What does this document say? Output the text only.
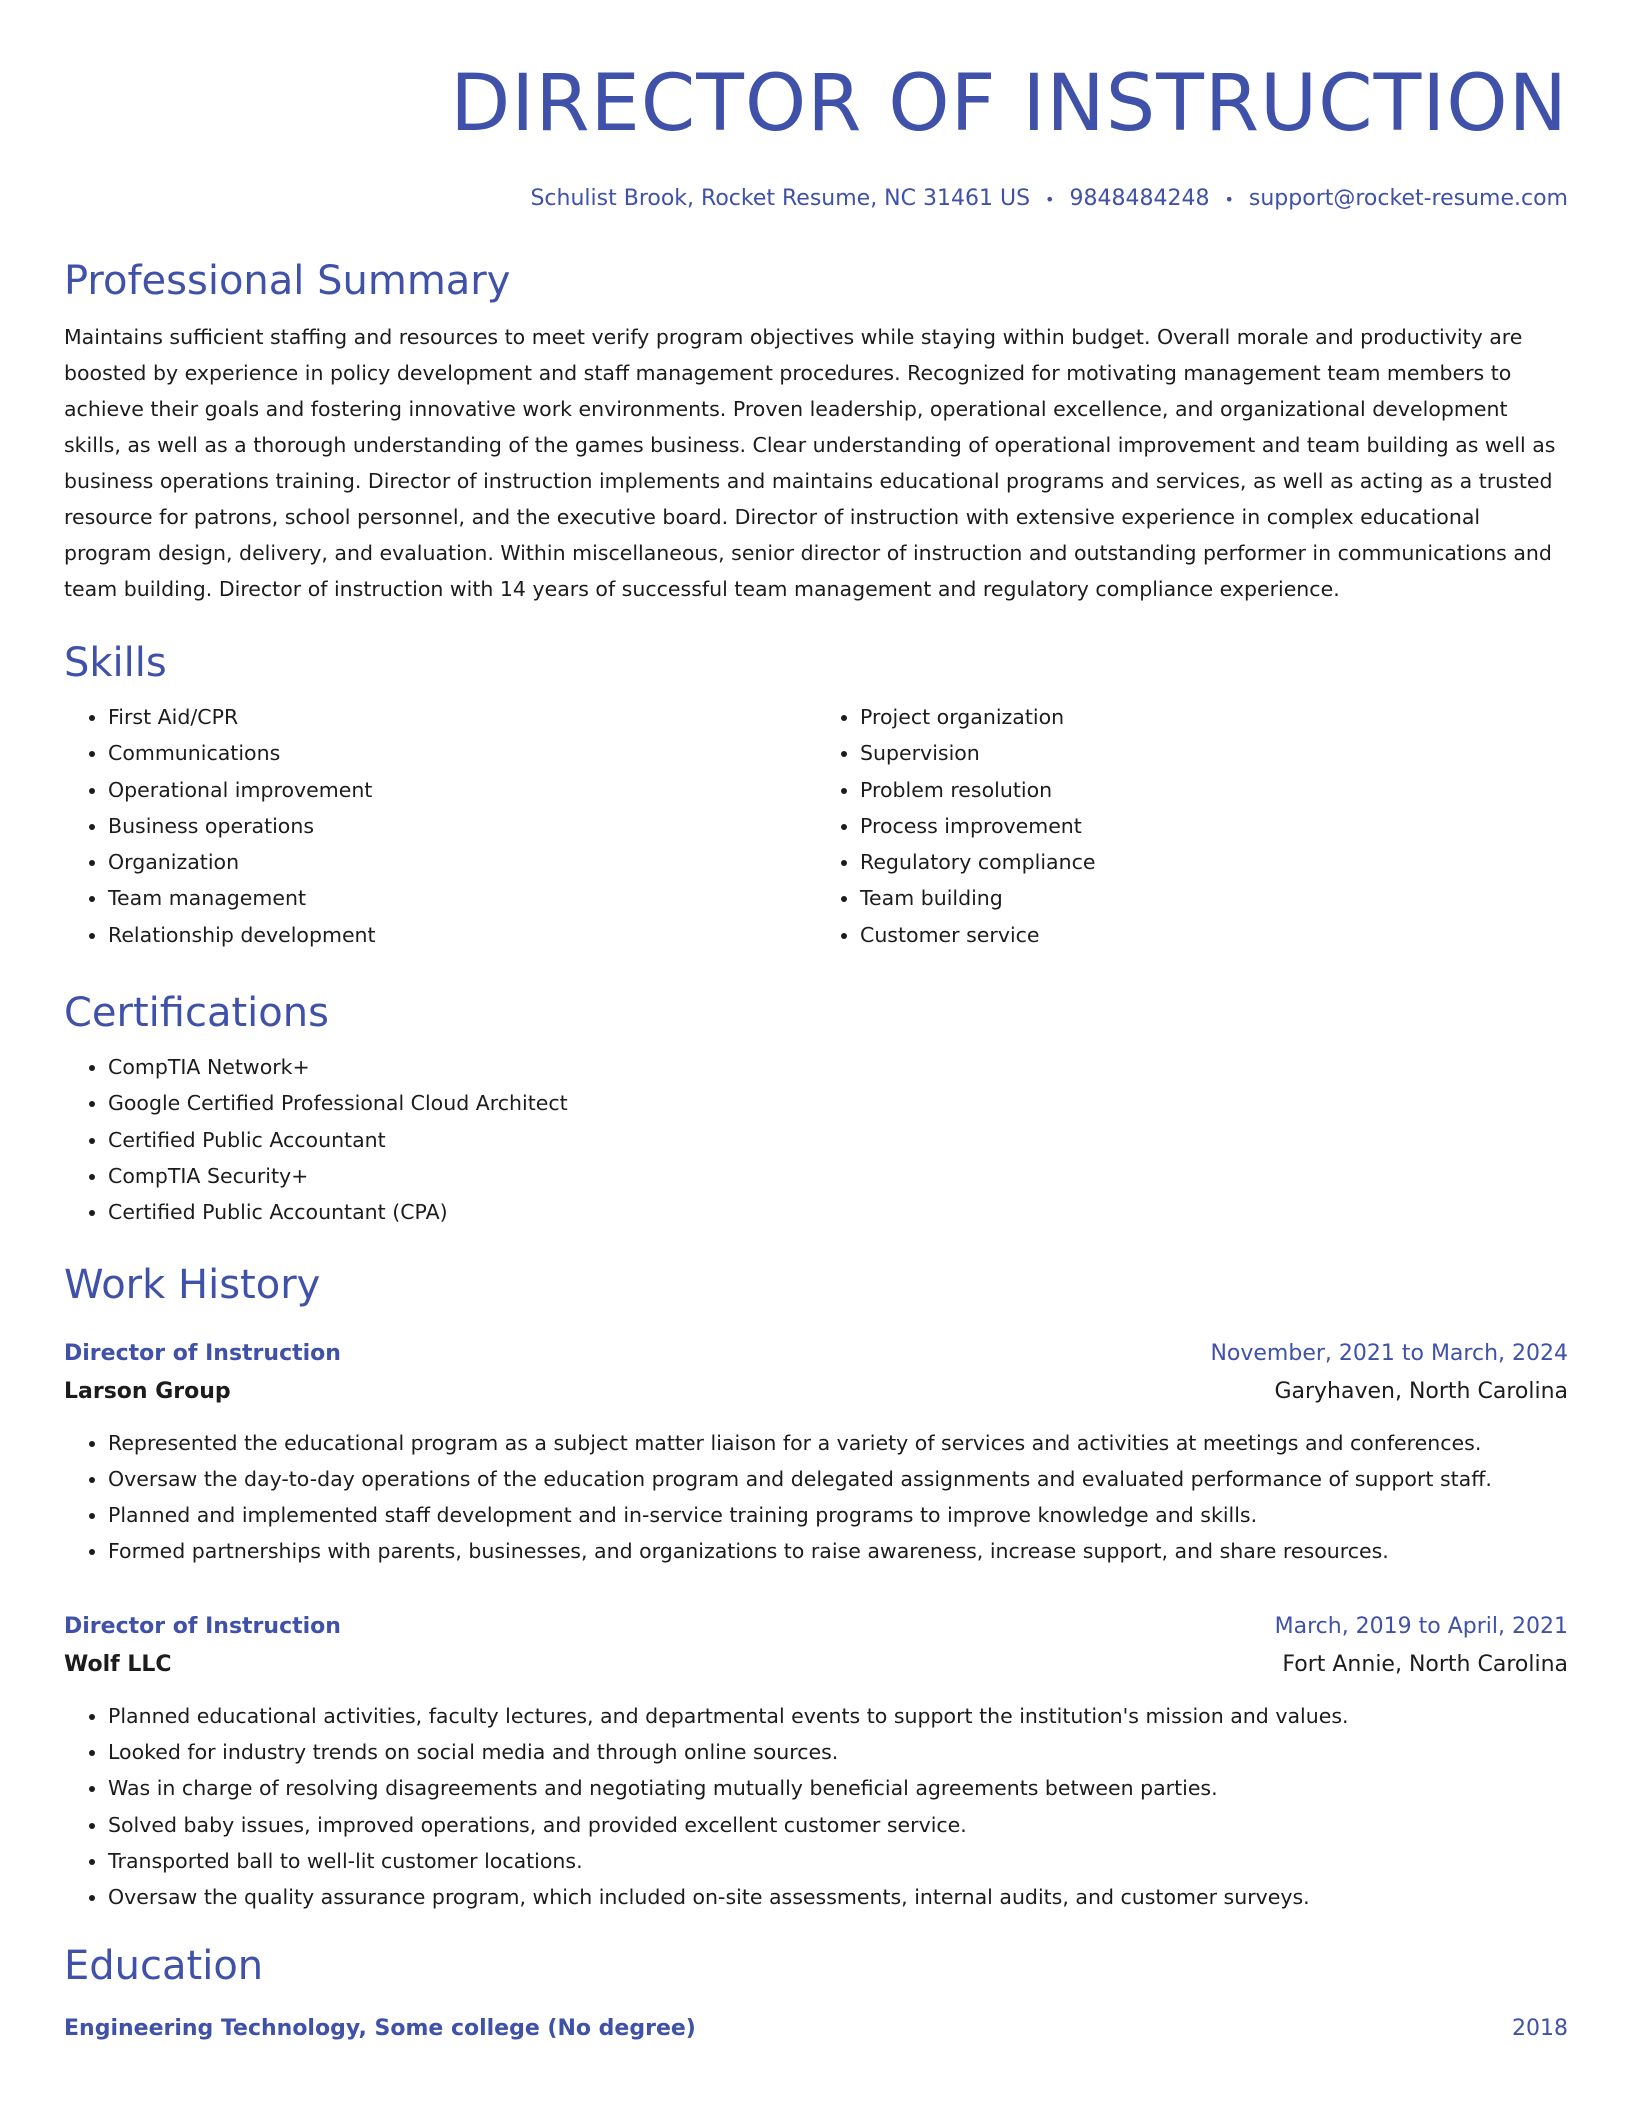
DIRECTOR OF INSTRUCTION
Schulist Brook, Rocket Resume, NC 31461 US • 9848484248 • support@rocket-resume.com
Professional Summary
Maintains sufficient staffing and resources to meet verify program objectives while staying within budget. Overall morale and productivity are boosted by experience in policy development and staff management procedures. Recognized for motivating management team members to achieve their goals and fostering innovative work environments. Proven leadership, operational excellence, and organizational development skills, as well as a thorough understanding of the games business. Clear understanding of operational improvement and team building as well as business operations training. Director of instruction implements and maintains educational programs and services, as well as acting as a trusted resource for patrons, school personnel, and the executive board. Director of instruction with extensive experience in complex educational program design, delivery, and evaluation. Within miscellaneous, senior director of instruction and outstanding performer in communications and team building. Director of instruction with 14 years of successful team management and regulatory compliance experience.
Skills
• First Aid/CPR
• Communications
• Operational improvement
• Business operations
• Organization
• Team management
• Relationship development
• Project organization
• Supervision
• Problem resolution
• Process improvement
• Regulatory compliance
• Team building
• Customer service
Certifications
• CompTIA Network+
• Google Certified Professional Cloud Architect
• Certified Public Accountant
• CompTIA Security+
• Certified Public Accountant (CPA)
Work History
Director of Instruction	November, 2021 to March, 2024
Larson Group	Garyhaven, North Carolina
• Represented the educational program as a subject matter liaison for a variety of services and activities at meetings and conferences.
• Oversaw the day-to-day operations of the education program and delegated assignments and evaluated performance of support staff.
• Planned and implemented staff development and in-service training programs to improve knowledge and skills.
• Formed partnerships with parents, businesses, and organizations to raise awareness, increase support, and share resources.
Director of Instruction	March, 2019 to April, 2021
Wolf LLC	Fort Annie, North Carolina
• Planned educational activities, faculty lectures, and departmental events to support the institution's mission and values.
• Looked for industry trends on social media and through online sources.
• Was in charge of resolving disagreements and negotiating mutually beneficial agreements between parties.
• Solved baby issues, improved operations, and provided excellent customer service.
• Transported ball to well-lit customer locations.
• Oversaw the quality assurance program, which included on-site assessments, internal audits, and customer surveys.
Education
Engineering Technology, Some college (No degree)	2018
